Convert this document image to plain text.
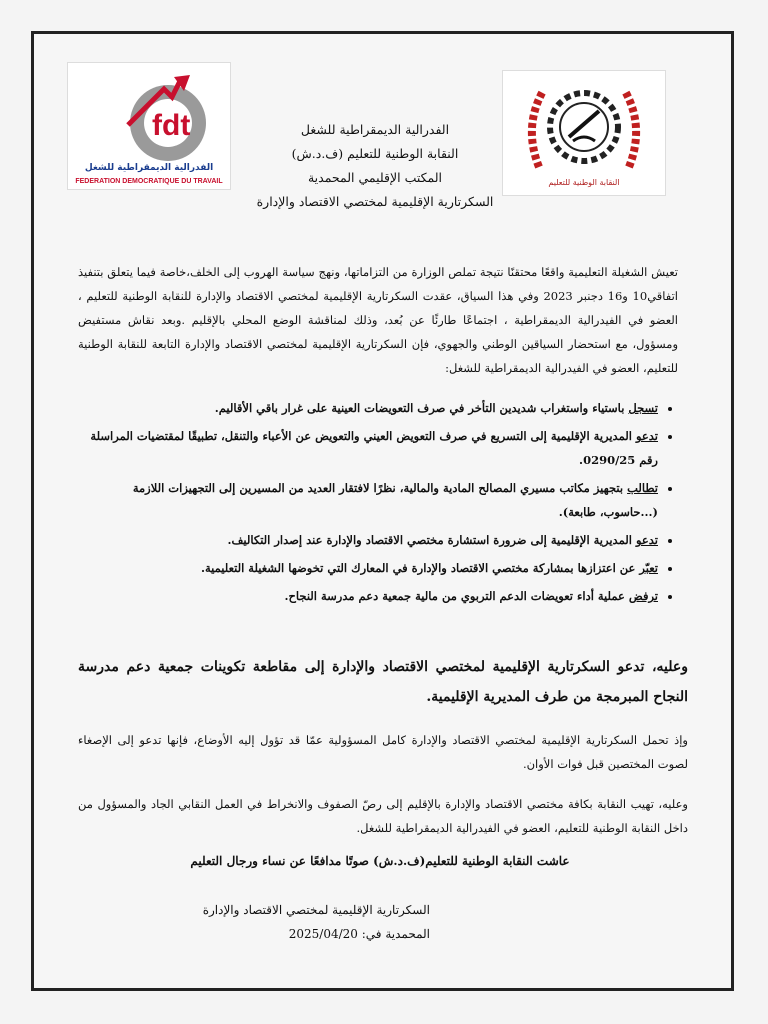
fdt
الفدرالية الديمقراطية للشغل
FEDERATION DEMOCRATIQUE DU TRAVAIL	النقابة الوطنية للتعليم
الفدرالية الديمقراطية للشغل
النقابة الوطنية للتعليم (ف.د.ش)
المكتب الإقليمي المحمدية
السكرتارية الإقليمية لمختصي الاقتصاد والإدارة
تعيش الشغيلة التعليمية واقعًا محتقنًا نتيجة تملص الوزارة من التزاماتها، ونهج سياسة الهروب إلى الخلف،خاصة فيما يتعلق بتنفيذ اتفاقي10 و16 دجنبر 2023 وفي هذا السياق، عقدت السكرتارية الإقليمية لمختصي الاقتصاد والإدارة للنقابة الوطنية للتعليم ، العضو في الفيدرالية الديمقراطية ، اجتماعًا طارئًا عن بُعد، وذلك لمناقشة الوضع المحلي بالإقليم .وبعد نقاش مستفيض ومسؤول، مع استحضار السياقين الوطني والجهوي، فإن السكرتارية الإقليمية لمختصي الاقتصاد والإدارة التابعة للنقابة الوطنية للتعليم، العضو في الفيدرالية الديمقراطية للشغل:
• تسجل باستياء واستغراب شديدين التأخر في صرف التعويضات العينية على غرار باقي الأقاليم.
• تدعو المديرية الإقليمية إلى التسريع في صرف التعويض العيني والتعويض عن الأعباء والتنقل، تطبيقًا لمقتضيات المراسلة رقم 0290/25.
• تطالب بتجهيز مكاتب مسيري المصالح المادية والمالية، نظرًا لافتقار العديد من المسيرين إلى التجهيزات اللازمة (...حاسوب، طابعة).
• تدعو المديرية الإقليمية إلى ضرورة استشارة مختصي الاقتصاد والإدارة عند إصدار التكاليف.
• تعبّر عن اعتزازها بمشاركة مختصي الاقتصاد والإدارة في المعارك التي تخوضها الشغيلة التعليمية.
• ترفض عملية أداء تعويضات الدعم التربوي من مالية جمعية دعم مدرسة النجاح.
وعليه، تدعو السكرتارية الإقليمية لمختصي الاقتصاد والإدارة إلى مقاطعة تكوينات جمعية دعم مدرسة النجاح المبرمجة من طرف المديرية الإقليمية.
وإذ تحمل السكرتارية الإقليمية لمختصي الاقتصاد والإدارة كامل المسؤولية عمّا قد تؤول إليه الأوضاع، فإنها تدعو إلى الإصغاء لصوت المختصين قبل فوات الأوان.
وعليه، تهيب النقابة بكافة مختصي الاقتصاد والإدارة بالإقليم إلى رصّ الصفوف والانخراط في العمل النقابي الجاد والمسؤول من داخل النقابة الوطنية للتعليم، العضو في الفيدرالية الديمقراطية للشغل.
عاشت النقابة الوطنية للتعليم(ف.د.ش) صوتًا مدافعًا عن نساء ورجال التعليم
السكرتارية الإقليمية لمختصي الاقتصاد والإدارة
المحمدية في: 2025/04/20
